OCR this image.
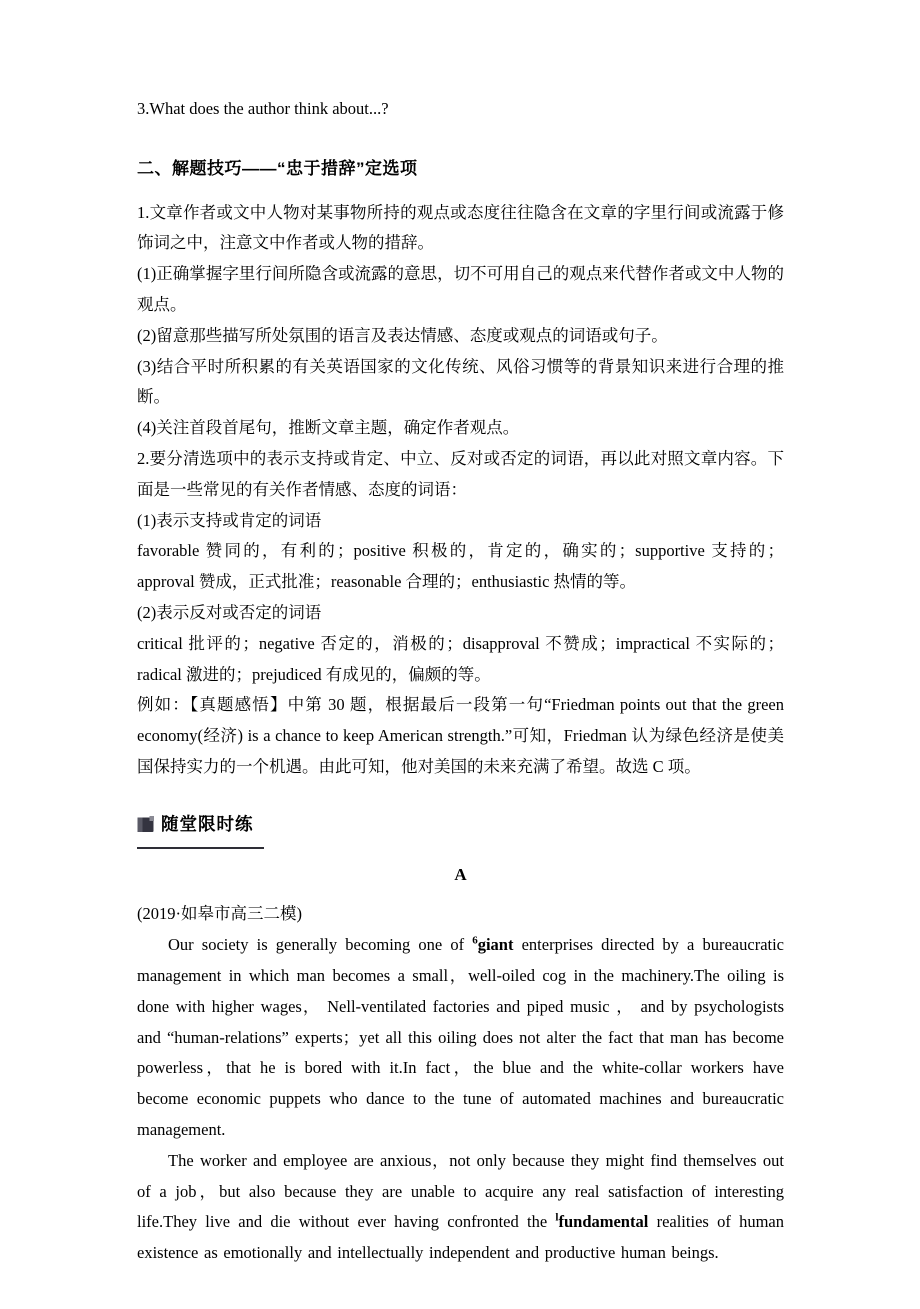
3.What does the author think about...?

二、解题技巧——“忠于措辞”定选项

1.文章作者或文中人物对某事物所持的观点或态度往往隐含在文章的字里行间或流露于修饰词之中，注意文中作者或人物的措辞。

(1)正确掌握字里行间所隐含或流露的意思，切不可用自己的观点来代替作者或文中人物的观点。

(2)留意那些描写所处氛围的语言及表达情感、态度或观点的词语或句子。

(3)结合平时所积累的有关英语国家的文化传统、风俗习惯等的背景知识来进行合理的推断。

(4)关注首段首尾句，推断文章主题，确定作者观点。

2.要分清选项中的表示支持或肯定、中立、反对或否定的词语，再以此对照文章内容。下面是一些常见的有关作者情感、态度的词语：

(1)表示支持或肯定的词语

favorable 赞同的，有利的；positive 积极的，肯定的，确实的；supportive 支持的；approval 赞成，正式批准；reasonable 合理的；enthusiastic 热情的等。

(2)表示反对或否定的词语

critical 批评的；negative 否定的，消极的；disapproval 不赞成；impractical 不实际的；radical 激进的；prejudiced 有成见的，偏颇的等。

例如：【真题感悟】中第 30 题，根据最后一段第一句“Friedman points out that the green economy(经济) is a chance to keep American strength.”可知，Friedman 认为绿色经济是使美国保持实力的一个机遇。由此可知，他对美国的未来充满了希望。故选 C 项。

随堂限时练
A

(2019·如皋市高三二模)

Our society is generally becoming one of $^6$giant enterprises directed by a bureaucratic management in which man becomes a small，well-oiled cog in the machinery.The oiling is done with higher wages， Nell-ventilated factories and piped music ， and by psychologists and “human-relations” experts；yet all this oiling does not alter the fact that man has become powerless，that he is bored with it.In fact，the blue and the white-collar workers have become economic puppets who dance to the tune of automated machines and bureaucratic management.

The worker and employee are anxious，not only because they might find themselves out of a job，but also because they are unable to acquire any real satisfaction of interesting life.They live and die without ever having confronted the $^l$fundamental realities of human existence as emotionally and intellectually independent and productive human beings.
